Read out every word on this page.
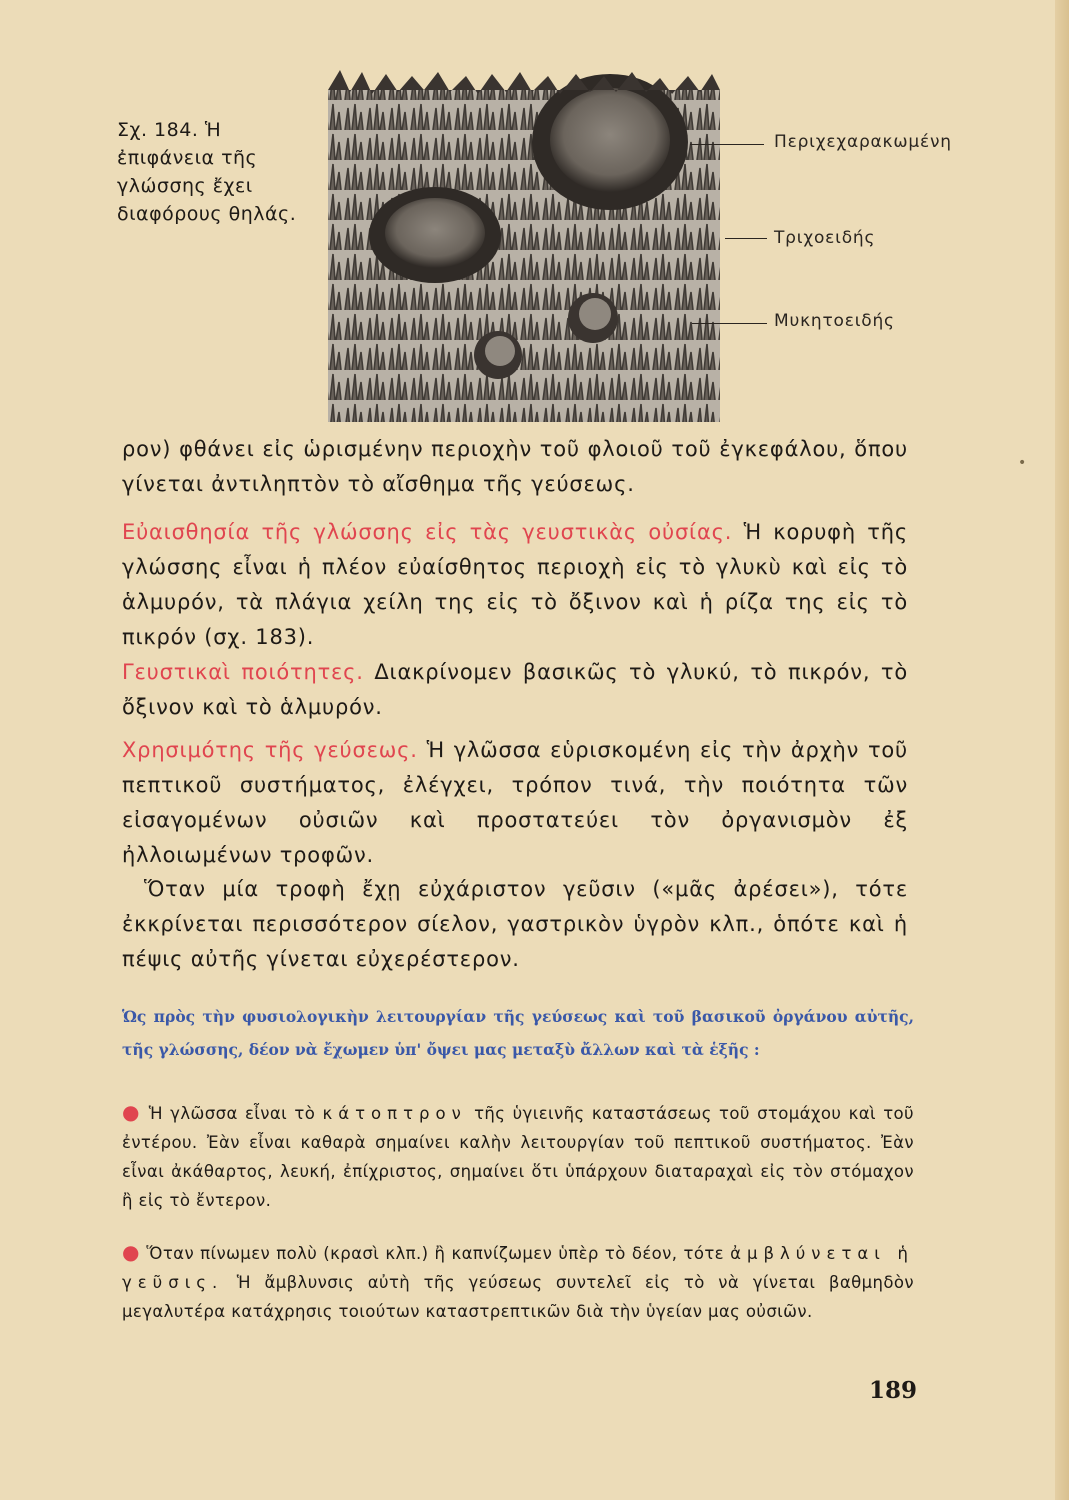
Σχ. 184. Ἡ ἐπιφάνεια τῆς γλώσσης ἔχει διαφόρους θηλάς.
Περιχεχαρακωμένη
Τριχοειδής
Μυκητοειδής
•

ρον) φθάνει εἰς ὡρισμένην περιοχὴν τοῦ φλοιοῦ τοῦ ἐγκεφάλου, ὅπου γίνεται ἀντιληπτὸν τὸ αἴσθημα τῆς γεύσεως.

Εὐαισθησία τῆς γλώσσης εἰς τὰς γευστικὰς οὐσίας. Ἡ κορυφὴ τῆς γλώσσης εἶναι ἡ πλέον εὐαίσθητος περιοχὴ εἰς τὸ γλυκὺ καὶ εἰς τὸ ἁλμυρόν, τὰ πλάγια χείλη της εἰς τὸ ὄξινον καὶ ἡ ρίζα της εἰς τὸ πικρόν (σχ. 183).

Γευστικαὶ ποιότητες. Διακρίνομεν βασικῶς τὸ γλυκύ, τὸ πικρόν, τὸ ὄξινον καὶ τὸ ἁλμυρόν.

Χρησιμότης τῆς γεύσεως. Ἡ γλῶσσα εὑρισκομένη εἰς τὴν ἀρχὴν τοῦ πεπτικοῦ συστήματος, ἐλέγχει, τρόπον τινά, τὴν ποιότητα τῶν εἰσαγομένων οὐσιῶν καὶ προστατεύει τὸν ὀργανισμὸν ἐξ ἠλλοιωμένων τροφῶν.

Ὅταν μία τροφὴ ἔχῃ εὐχάριστον γεῦσιν («μᾶς ἀρέσει»), τότε ἐκκρίνεται περισσότερον σίελον, γαστρικὸν ὑγρὸν κλπ., ὁπότε καὶ ἡ πέψις αὐτῆς γίνεται εὐχερέστερον.

Ὡς πρὸς τὴν φυσιολογικὴν λειτουργίαν τῆς γεύσεως καὶ τοῦ βασικοῦ ὀργάνου αὐτῆς, τῆς γλώσσης, δέον νὰ ἔχωμεν ὑπ' ὄψει μας μεταξὺ ἄλλων καὶ τὰ ἑξῆς :

● Ἡ γλῶσσα εἶναι τὸ κάτοπτρον τῆς ὑγιεινῆς καταστάσεως τοῦ στομάχου καὶ τοῦ ἐντέρου. Ἐὰν εἶναι καθαρὰ σημαίνει καλὴν λειτουργίαν τοῦ πεπτικοῦ συστήματος. Ἐὰν εἶναι ἀκάθαρτος, λευκή, ἐπίχριστος, σημαίνει ὅτι ὑπάρχουν διαταραχαὶ εἰς τὸν στόμαχον ἢ εἰς τὸ ἔντερον.

● Ὅταν πίνωμεν πολὺ (κρασὶ κλπ.) ἢ καπνίζωμεν ὑπὲρ τὸ δέον, τότε ἀμβλύνεται ἡ γεῦσις. Ἡ ἄμβλυνσις αὐτὴ τῆς γεύσεως συντελεῖ εἰς τὸ νὰ γίνεται βαθμηδὸν μεγαλυτέρα κατάχρησις τοιούτων καταστρεπτικῶν διὰ τὴν ὑγείαν μας οὐσιῶν.

189
